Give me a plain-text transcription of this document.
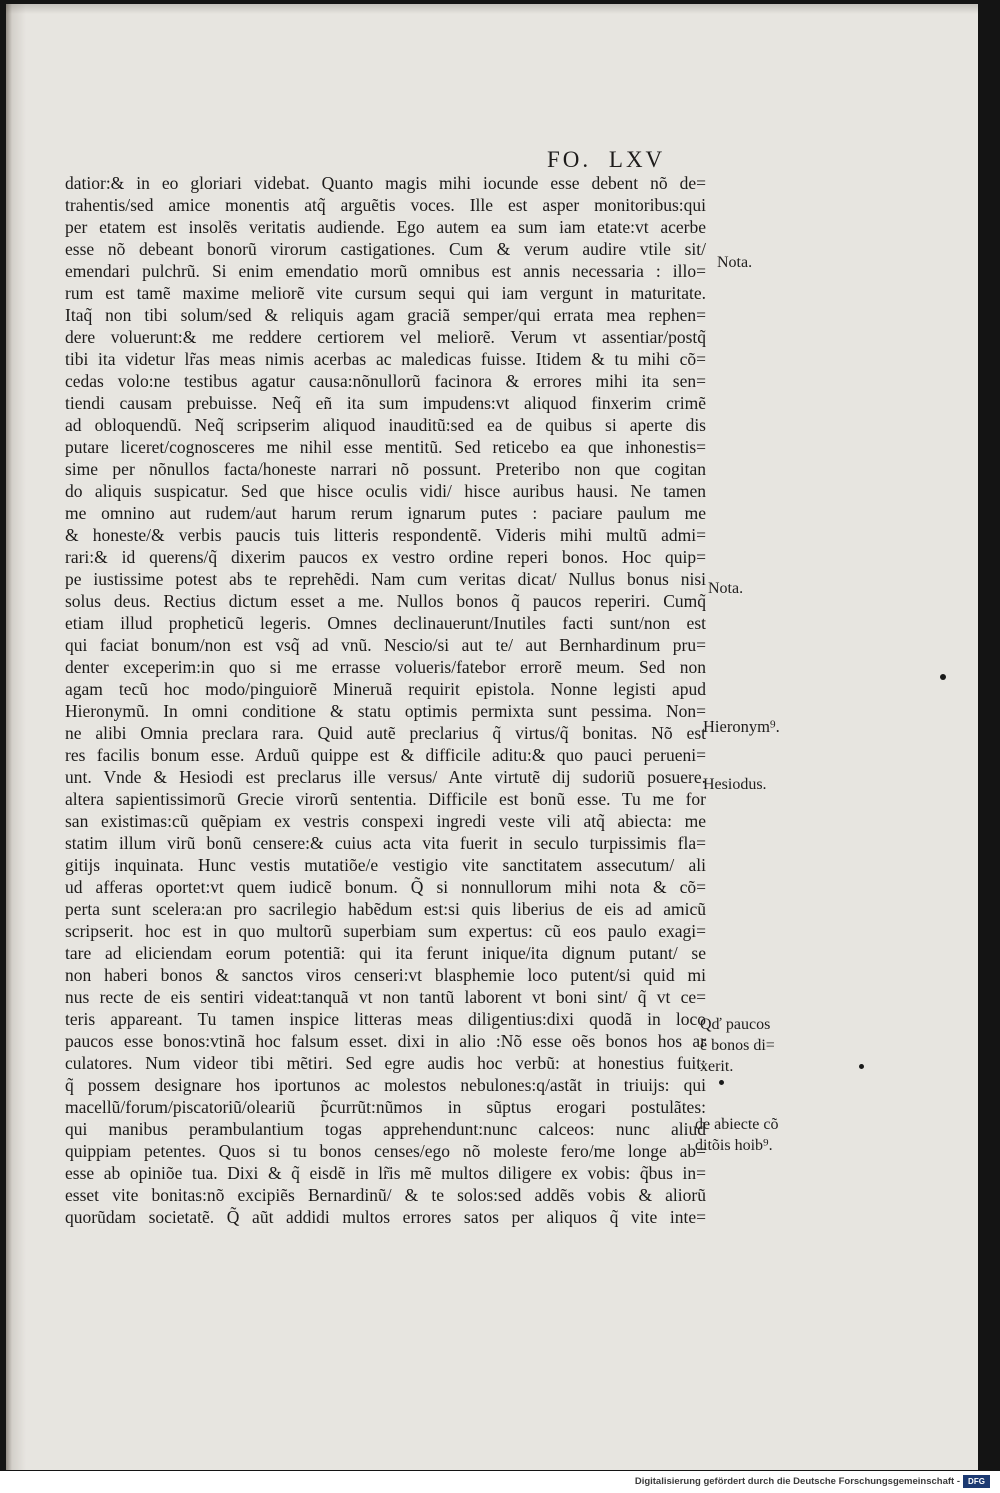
FO. LXV
datior:& in eo gloriari videbat. Quanto magis mihi iocunde esse debent nõ de=
trahentis/sed amice monentis atq̃ arguẽtis voces. Ille est asper monitoribus:qui
per etatem est insolẽs veritatis audiende. Ego autem ea sum iam etate:vt acerbe
esse nõ debeant bonorũ virorum castigationes. Cum & verum audire vtile sit/
emendari pulchrũ. Si enim emendatio morũ omnibus est annis necessaria : illo=
rum est tamẽ maxime meliorẽ vite cursum sequi qui iam vergunt in maturitate.
Itaq̃ non tibi solum/sed & reliquis agam graciã semper/qui errata mea rephen=
dere voluerunt:& me reddere certiorem vel meliorẽ. Verum vt assentiar/postq̃
tibi ita videtur lr̃as meas nimis acerbas ac maledicas fuisse. Itidem & tu mihi cõ=
cedas volo:ne testibus agatur causa:nõnullorũ facinora & errores mihi ita sen=
tiendi causam prebuisse. Neq̃ eñ ita sum impudens:vt aliquod finxerim crimẽ
ad obloquendũ. Neq̃ scripserim aliquod inauditũ:sed ea de quibus si aperte dis
putare liceret/cognosceres me nihil esse mentitũ. Sed reticebo ea que inhonestis=
sime per nõnullos facta/honeste narrari nõ possunt. Preteribo non que cogitan
do aliquis suspicatur. Sed que hisce oculis vidi/ hisce auribus hausi. Ne tamen
me omnino aut rudem/aut harum rerum ignarum putes : paciare paulum me
& honeste/& verbis paucis tuis litteris respondentẽ. Videris mihi multũ admi=
rari:& id querens/q̃ dixerim paucos ex vestro ordine reperi bonos. Hoc quip=
pe iustissime potest abs te reprehẽdi. Nam cum veritas dicat/ Nullus bonus nisi
solus deus. Rectius dictum esset a me. Nullos bonos q̃ paucos reperiri. Cumq̃
etiam illud propheticũ legeris. Omnes declinauerunt/Inutiles facti sunt/non est
qui faciat bonum/non est vsq̃ ad vnũ. Nescio/si aut te/ aut Bernhardinum pru=
denter exceperim:in quo si me errasse volueris/fatebor errorẽ meum. Sed non
agam tecũ hoc modo/pinguiorẽ Mineruã requirit epistola. Nonne legisti apud
Hieronymũ. In omni conditione & statu optimis permixta sunt pessima. Non=
ne alibi Omnia preclara rara. Quid autẽ preclarius q̃ virtus/q̃ bonitas. Nõ est
res facilis bonum esse. Arduũ quippe est & difficile aditu:& quo pauci perueni=
unt. Vnde & Hesiodi est preclarus ille versus/ Ante virtutẽ dij sudoriũ posuere.
altera sapientissimorũ Grecie virorũ sententia. Difficile est bonũ esse. Tu me for
san existimas:cũ quẽpiam ex vestris conspexi ingredi veste vili atq̃ abiecta: me
statim illum virũ bonũ censere:& cuius acta vita fuerit in seculo turpissimis fla=
gitijs inquinata. Hunc vestis mutatiõe/e vestigio vite sanctitatem assecutum/ ali
ud afferas oportet:vt quem iudicẽ bonum. Q̃ si nonnullorum mihi nota & cõ=
perta sunt scelera:an pro sacrilegio habẽdum est:si quis liberius de eis ad amicũ
scripserit. hoc est in quo multorũ superbiam sum expertus: cũ eos paulo exagi=
tare ad eliciendam eorum potentiã: qui ita ferunt inique/ita dignum putant/ se
non haberi bonos & sanctos viros censeri:vt blasphemie loco putent/si quid mi
nus recte de eis sentiri videat:tanquã vt non tantũ laborent vt boni sint/ q̃ vt ce=
teris appareant. Tu tamen inspice litteras meas diligentius:dixi quodã in loco
paucos esse bonos:vtinã hoc falsum esset. dixi in alio :Nõ esse oẽs bonos hos ar
culatores. Num videor tibi mẽtiri. Sed egre audis hoc verbũ: at honestius fuit:
q̃ possem designare hos iportunos ac molestos nebulones:q/astãt in triuijs: qui
macellũ/forum/piscatoriũ/oleariũ p̃currũt:nũmos in sũptus erogari postulãtes:
qui manibus perambulantium togas apprehendunt:nunc calceos: nunc aliud
quippiam petentes. Quos si tu bonos censes/ego nõ moleste fero/me longe ab=
esse ab opiniõe tua. Dixi & q̃ eisdẽ in lr̃is mẽ multos diligere ex vobis: q̃bus in=
esset vite bonitas:nõ excipiẽs Bernardinũ/ & te solos:sed addẽs vobis & aliorũ
quorũdam societatẽ. Q̃ aũt addidi multos errores satos per aliquos q̃ vite inte=
Nota.
Nota.
Hieronym⁹.
Hesiodus.
Qď paucos
ẽ bonos di=
xerit.
de abiecte cõ
ditõis hoib⁹.
Digitalisierung gefördert durch die Deutsche Forschungsgemeinschaft -	DFG
